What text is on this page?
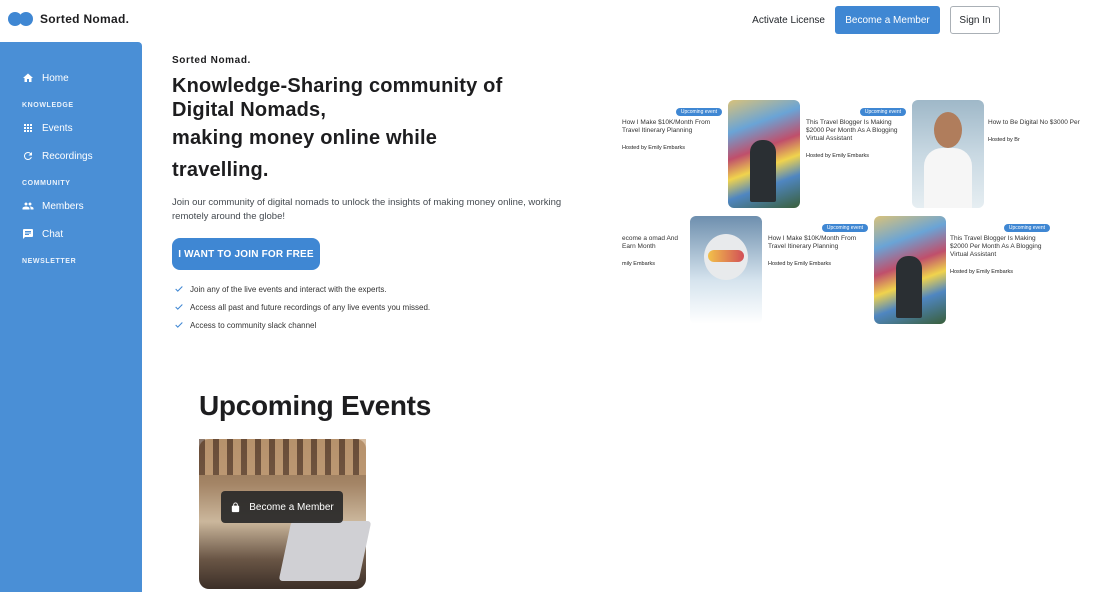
Sorted Nomad.	Activate License	Become a Member	Sign In
Home
KNOWLEDGE
Events
Recordings
COMMUNITY
Members
Chat
NEWSLETTER
Sorted Nomad.
Knowledge-Sharing community of
Digital Nomads,
making money online while
travelling.

Join our community of digital nomads to unlock the insights of making money online, working remotely around the globe!

I WANT TO JOIN FOR FREE
Join any of the live events and interact with the experts.
Access all past and future recordings of any live events you missed.
Access to community slack channel
Upcoming event
How I Make $10K/Month From Travel Itinerary Planning
Hosted by Emily Embarks
Upcoming event
This Travel Blogger Is Making $2000 Per Month As A Blogging Virtual Assistant
Hosted by Emily Embarks
How to Be Digital No $3000 Per
Hosted by Br
ecome a omad And Earn Month
mily Embarks
Upcoming event
How I Make $10K/Month From Travel Itinerary Planning
Hosted by Emily Embarks
Upcoming event
This Travel Blogger Is Making $2000 Per Month As A Blogging Virtual Assistant
Hosted by Emily Embarks
Upcoming Events
Become a Member
